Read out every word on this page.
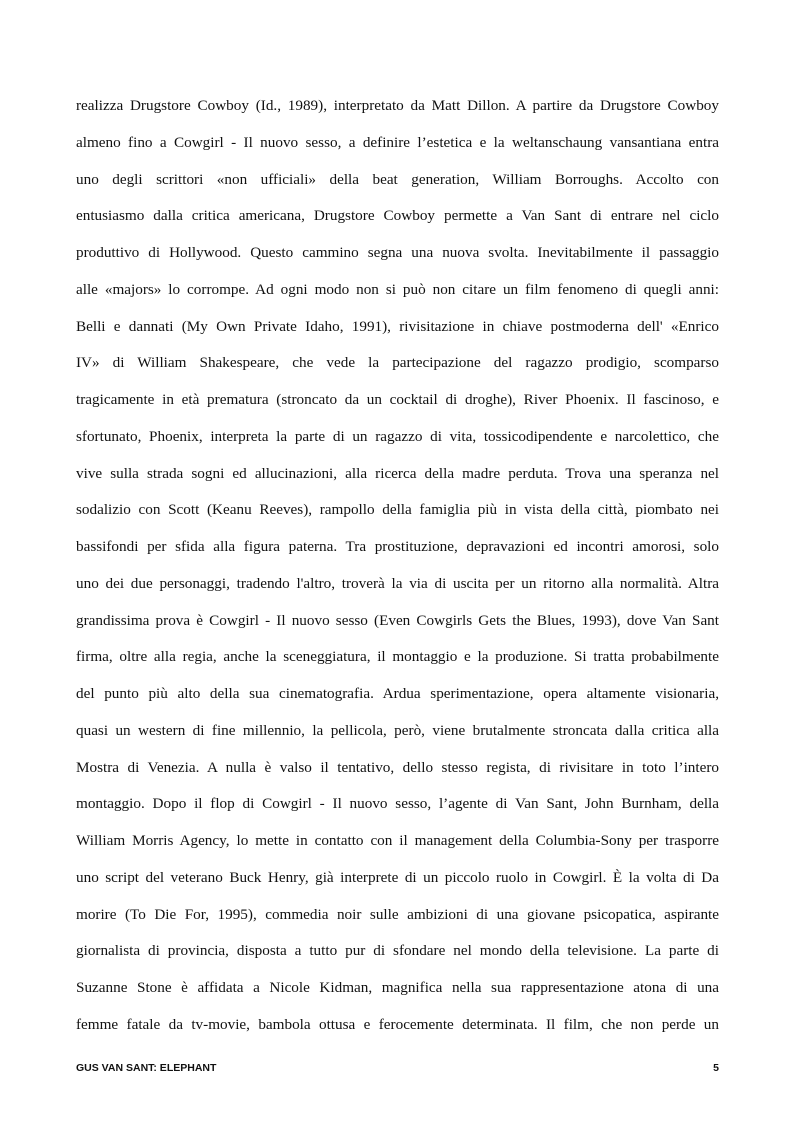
realizza Drugstore Cowboy (Id., 1989), interpretato da Matt Dillon. A partire da Drugstore Cowboy
almeno fino a Cowgirl - Il nuovo sesso, a definire l’estetica e la weltanschaung vansantiana entra
uno degli scrittori «non ufficiali» della beat generation, William Borroughs. Accolto con
entusiasmo dalla critica americana, Drugstore Cowboy permette a Van Sant di entrare nel ciclo
produttivo di Hollywood. Questo cammino segna una nuova svolta. Inevitabilmente il passaggio
alle «majors» lo corrompe. Ad ogni modo non si può non citare un film fenomeno di quegli anni:
Belli e dannati (My Own Private Idaho, 1991), rivisitazione in chiave postmoderna dell' «Enrico
IV» di William Shakespeare, che vede la partecipazione del ragazzo prodigio, scomparso
tragicamente in età prematura (stroncato da un cocktail di droghe), River Phoenix. Il fascinoso, e
sfortunato, Phoenix, interpreta la parte di un ragazzo di vita, tossicodipendente e narcolettico, che
vive sulla strada sogni ed allucinazioni, alla ricerca della madre perduta. Trova una speranza nel
sodalizio con Scott (Keanu Reeves), rampollo della famiglia più in vista della città, piombato nei
bassifondi per sfida alla figura paterna. Tra prostituzione, depravazioni ed incontri amorosi, solo
uno dei due personaggi, tradendo l'altro, troverà la via di uscita per un ritorno alla normalità. Altra
grandissima prova è Cowgirl - Il nuovo sesso (Even Cowgirls Gets the Blues, 1993), dove Van Sant
firma, oltre alla regia, anche la sceneggiatura, il montaggio e la produzione. Si tratta probabilmente
del punto più alto della sua cinematografia. Ardua sperimentazione, opera altamente visionaria,
quasi un western di fine millennio, la pellicola, però, viene brutalmente stroncata dalla critica alla
Mostra di Venezia. A nulla è valso il tentativo, dello stesso regista, di rivisitare in toto l’intero
montaggio. Dopo il flop di Cowgirl - Il nuovo sesso, l’agente di Van Sant, John Burnham, della
William Morris Agency, lo mette in contatto con il management della Columbia-Sony per trasporre
uno script del veterano Buck Henry, già interprete di un piccolo ruolo in Cowgirl. È la volta di Da
morire (To Die For, 1995), commedia noir sulle ambizioni di una giovane psicopatica, aspirante
giornalista di provincia, disposta a tutto pur di sfondare nel mondo della televisione. La parte di
Suzanne Stone è affidata a Nicole Kidman, magnifica nella sua rappresentazione atona di una
femme fatale da tv-movie, bambola ottusa e ferocemente determinata. Il film, che non perde un
GUS VAN SANT: ELEPHANT	5
